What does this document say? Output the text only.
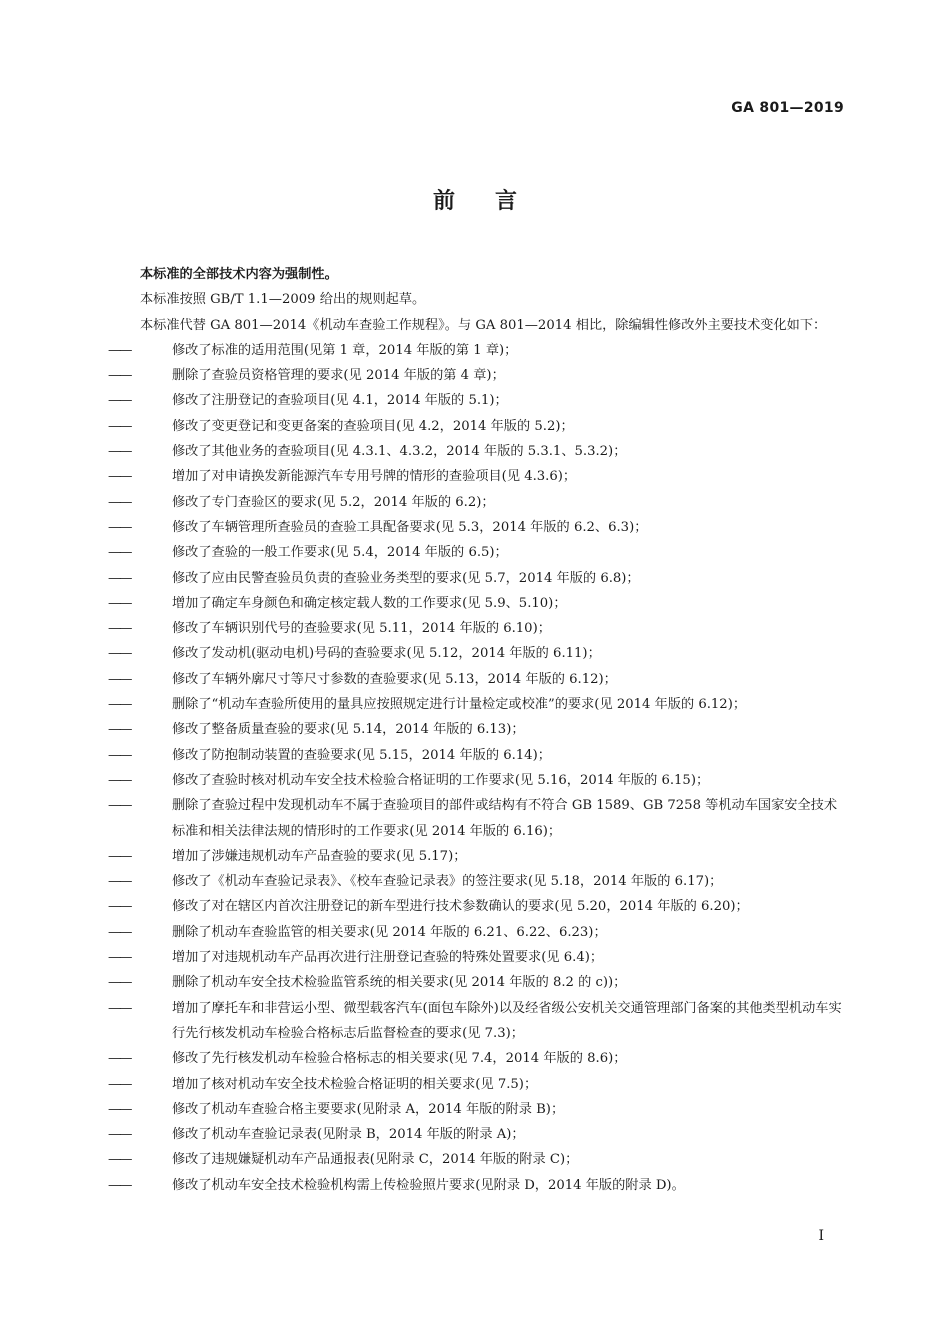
GA 801—2019
前言

本标准的全部技术内容为强制性。

本标准按照 GB/T 1.1—2009 给出的规则起草。

本标准代替 GA 801—2014《机动车查验工作规程》。与 GA 801—2014 相比，除编辑性修改外主要技术变化如下：

——	修改了标准的适用范围(见第 1 章，2014 年版的第 1 章)；
——	删除了查验员资格管理的要求(见 2014 年版的第 4 章)；
——	修改了注册登记的查验项目(见 4.1，2014 年版的 5.1)；
——	修改了变更登记和变更备案的查验项目(见 4.2，2014 年版的 5.2)；
——	修改了其他业务的查验项目(见 4.3.1、4.3.2，2014 年版的 5.3.1、5.3.2)；
——	增加了对申请换发新能源汽车专用号牌的情形的查验项目(见 4.3.6)；
——	修改了专门查验区的要求(见 5.2，2014 年版的 6.2)；
——	修改了车辆管理所查验员的查验工具配备要求(见 5.3，2014 年版的 6.2、6.3)；
——	修改了查验的一般工作要求(见 5.4，2014 年版的 6.5)；
——	修改了应由民警查验员负责的查验业务类型的要求(见 5.7，2014 年版的 6.8)；
——	增加了确定车身颜色和确定核定载人数的工作要求(见 5.9、5.10)；
——	修改了车辆识别代号的查验要求(见 5.11，2014 年版的 6.10)；
——	修改了发动机(驱动电机)号码的查验要求(见 5.12，2014 年版的 6.11)；
——	修改了车辆外廓尺寸等尺寸参数的查验要求(见 5.13，2014 年版的 6.12)；
——	删除了“机动车查验所使用的量具应按照规定进行计量检定或校准”的要求(见 2014 年版的 6.12)；
——	修改了整备质量查验的要求(见 5.14，2014 年版的 6.13)；
——	修改了防抱制动装置的查验要求(见 5.15，2014 年版的 6.14)；
——	修改了查验时核对机动车安全技术检验合格证明的工作要求(见 5.16，2014 年版的 6.15)；
——	删除了查验过程中发现机动车不属于查验项目的部件或结构有不符合 GB 1589、GB 7258 等机动车国家安全技术标准和相关法律法规的情形时的工作要求(见 2014 年版的 6.16)；
——	增加了涉嫌违规机动车产品查验的要求(见 5.17)；
——	修改了《机动车查验记录表》、《校车查验记录表》的签注要求(见 5.18，2014 年版的 6.17)；
——	修改了对在辖区内首次注册登记的新车型进行技术参数确认的要求(见 5.20，2014 年版的 6.20)；
——	删除了机动车查验监管的相关要求(见 2014 年版的 6.21、6.22、6.23)；
——	增加了对违规机动车产品再次进行注册登记查验的特殊处置要求(见 6.4)；
——	删除了机动车安全技术检验监管系统的相关要求(见 2014 年版的 8.2 的 c))；
——	增加了摩托车和非营运小型、微型载客汽车(面包车除外)以及经省级公安机关交通管理部门备案的其他类型机动车实行先行核发机动车检验合格标志后监督检查的要求(见 7.3)；
——	修改了先行核发机动车检验合格标志的相关要求(见 7.4，2014 年版的 8.6)；
——	增加了核对机动车安全技术检验合格证明的相关要求(见 7.5)；
——	修改了机动车查验合格主要要求(见附录 A，2014 年版的附录 B)；
——	修改了机动车查验记录表(见附录 B，2014 年版的附录 A)；
——	修改了违规嫌疑机动车产品通报表(见附录 C，2014 年版的附录 C)；
——	修改了机动车安全技术检验机构需上传检验照片要求(见附录 D，2014 年版的附录 D)。
I
